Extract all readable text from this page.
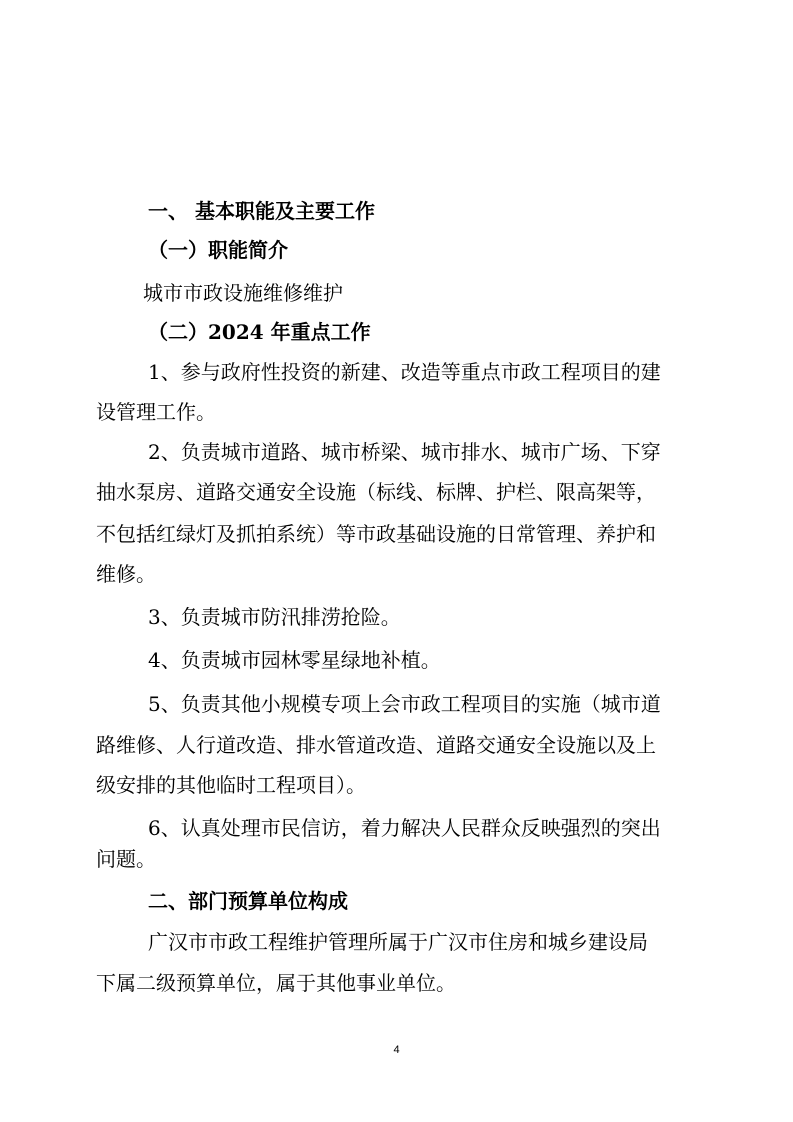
一、 基本职能及主要工作
（一）职能简介
城市市政设施维修维护
（二）2024 年重点工作
1、参与政府性投资的新建、改造等重点市政工程项目的建
设管理工作。
2、负责城市道路、城市桥梁、城市排水、城市广场、下穿
抽水泵房、道路交通安全设施（标线、标牌、护栏、限高架等，
不包括红绿灯及抓拍系统）等市政基础设施的日常管理、养护和
维修。
3、负责城市防汛排涝抢险。
4、负责城市园林零星绿地补植。
5、负责其他小规模专项上会市政工程项目的实施（城市道
路维修、人行道改造、排水管道改造、道路交通安全设施以及上
级安排的其他临时工程项目）。
6、认真处理市民信访，着力解决人民群众反映强烈的突出
问题。
二、部门预算单位构成
广汉市市政工程维护管理所属于广汉市住房和城乡建设局
下属二级预算单位，属于其他事业单位。
4
